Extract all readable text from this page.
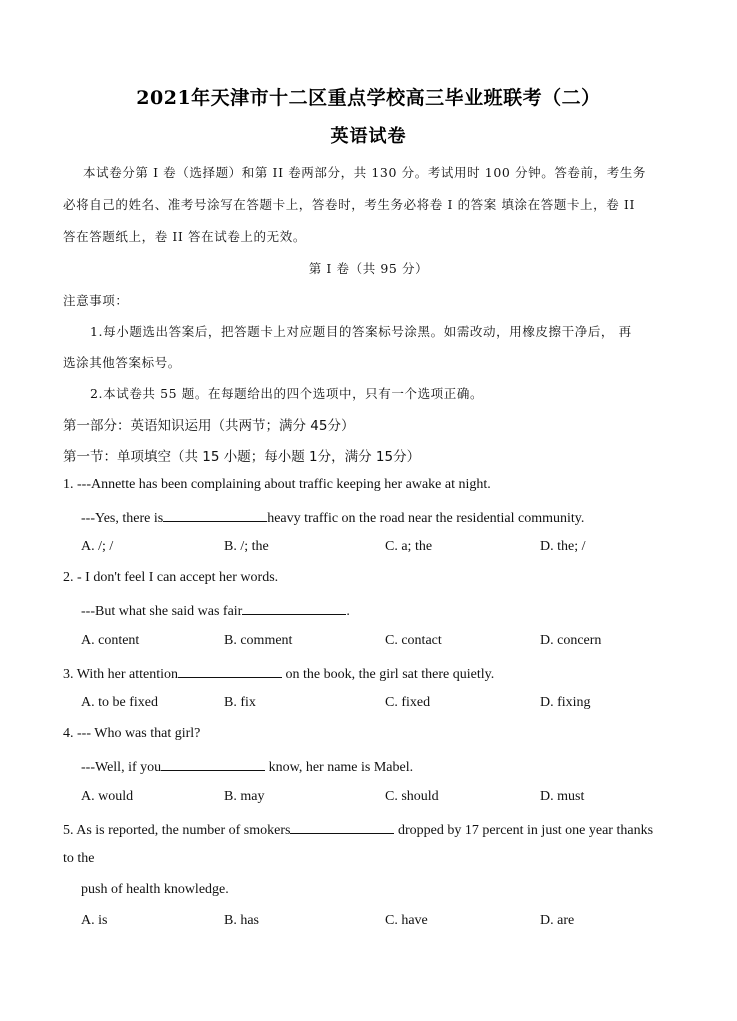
2021年天津市十二区重点学校高三毕业班联考（二）
英语试卷
本试卷分第 I 卷（选择题）和第 II 卷两部分，共 130 分。考试用时 100 分钟。答卷前，考生务
必将自己的姓名、准考号涂写在答题卡上，答卷时，考生务必将卷 I 的答案 填涂在答题卡上，卷 II
答在答题纸上，卷 II 答在试卷上的无效。
第 I 卷（共 95 分）
注意事项：
1.每小题选出答案后，把答题卡上对应题目的答案标号涂黑。如需改动，用橡皮擦干净后， 再
选涂其他答案标号。
2.本试卷共 55 题。在每题给出的四个选项中，只有一个选项正确。
第一部分：英语知识运用（共两节；满分 45分）
第一节：单项填空（共 15 小题；每小题 1分，满分 15分）
1. ---Annette has been complaining about traffic keeping her awake at night.
---Yes, there is	heavy traffic on the road near the residential community.
A. /; /	B. /; the	C. a; the	D. the; /
2. - I don't feel I can accept her words.
---But what she said was fair	.
A. content	B. comment	C. contact	D. concern
3. With her attention	on the book, the girl sat there quietly.
A. to be fixed	B. fix	C. fixed	D. fixing
4. --- Who was that girl?
---Well, if you	know, her name is Mabel.
A. would	B. may	C. should	D. must
5. As is reported, the number of smokers	dropped by 17 percent in just one year thanks
to the
push of health knowledge.
A. is	B. has	C. have	D. are
